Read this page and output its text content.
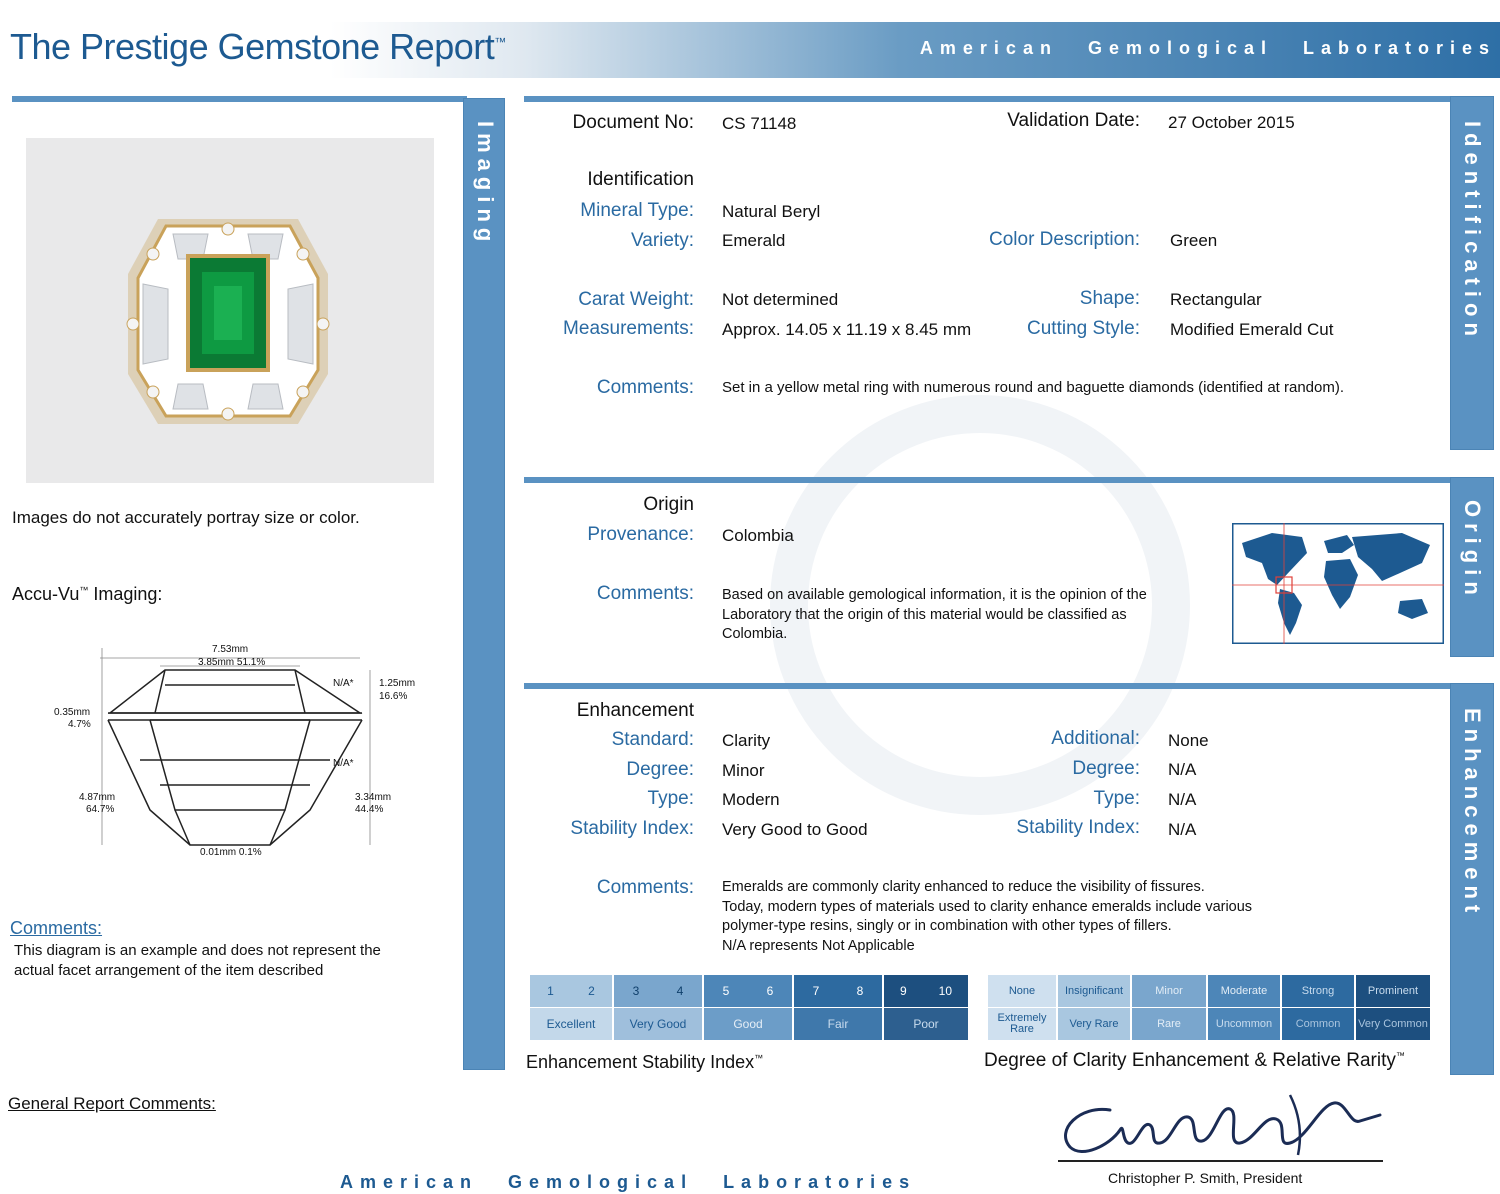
The Prestige Gemstone Report™	American Gemological Laboratories
Imaging
Images do not accurately portray size or color.
Accu-Vu™ Imaging:
7.53mm
3.85mm 51.1%
1.25mm
16.6%
N/A*
0.35mm
4.7%
N/A*
4.87mm
64.7%
3.34mm
44.4%
0.01mm 0.1%
Comments:
This diagram is an example and does not represent the
actual facet arrangement of the item described
General Report Comments:
Identification
Document No: CS 71148	Validation Date: 27 October 2015
Identification
Mineral Type: Natural Beryl
Variety: Emerald	Color Description: Green
Carat Weight: Not determined	Shape: Rectangular
Measurements: Approx. 14.05 x 11.19 x 8.45 mm	Cutting Style: Modified Emerald Cut
Comments: Set in a yellow metal ring with numerous round and baguette diamonds (identified at random).
Origin
Origin
Provenance: Colombia
Comments: Based on available gemological information, it is the opinion of the
Laboratory that the origin of this material would be classified as
Colombia.
Enhancement
Enhancement
Standard: Clarity
Degree: Minor
Type: Modern
Stability Index: Very Good to Good
Additional: None
Degree: N/A
Type: N/A
Stability Index: N/A
Comments: Emeralds are commonly clarity enhanced to reduce the visibility of fissures.
Today, modern types of materials used to clarity enhance emeralds include various
polymer-type resins, singly or in combination with other types of fillers.
N/A represents Not Applicable
1	2	3	4	5	6	7	8	9	10
Excellent	Very Good	Good	Fair	Poor
Enhancement Stability Index™
None	Insignificant	Minor	Moderate	Strong	Prominent
Extremely Rare	Very Rare	Rare	Uncommon	Common	Very Common
Degree of Clarity Enhancement & Relative Rarity™
Christopher P. Smith, President
American Gemological Laboratories
